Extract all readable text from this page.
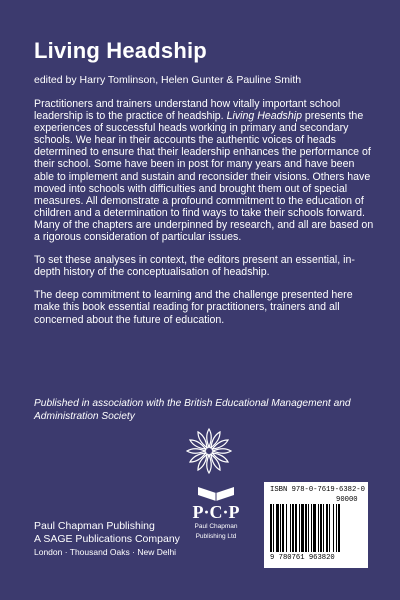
Living Headship

edited by Harry Tomlinson, Helen Gunter & Pauline Smith

Practitioners and trainers understand how vitally important school leadership is to the practice of headship. Living Headship presents the experiences of successful heads working in primary and secondary schools. We hear in their accounts the authentic voices of heads determined to ensure that their leadership enhances the performance of their school. Some have been in post for many years and have been able to implement and sustain and reconsider their visions. Others have moved into schools with difficulties and brought them out of special measures. All demonstrate a profound commitment to the education of children and a determination to find ways to take their schools forward. Many of the chapters are underpinned by research, and all are based on a rigorous consideration of particular issues.

To set these analyses in context, the editors present an essential, in-depth history of the conceptualisation of headship.

The deep commitment to learning and the challenge presented here make this book essential reading for practitioners, trainers and all concerned about the future of education.

Published in association with the British Educational Management and Administration Society

P·C·P
Paul Chapman
Publishing Ltd
Paul Chapman Publishing
A SAGE Publications Company
London · Thousand Oaks · New Delhi
ISBN 978-0-7619-6382-0
90000
9 780761 963820
